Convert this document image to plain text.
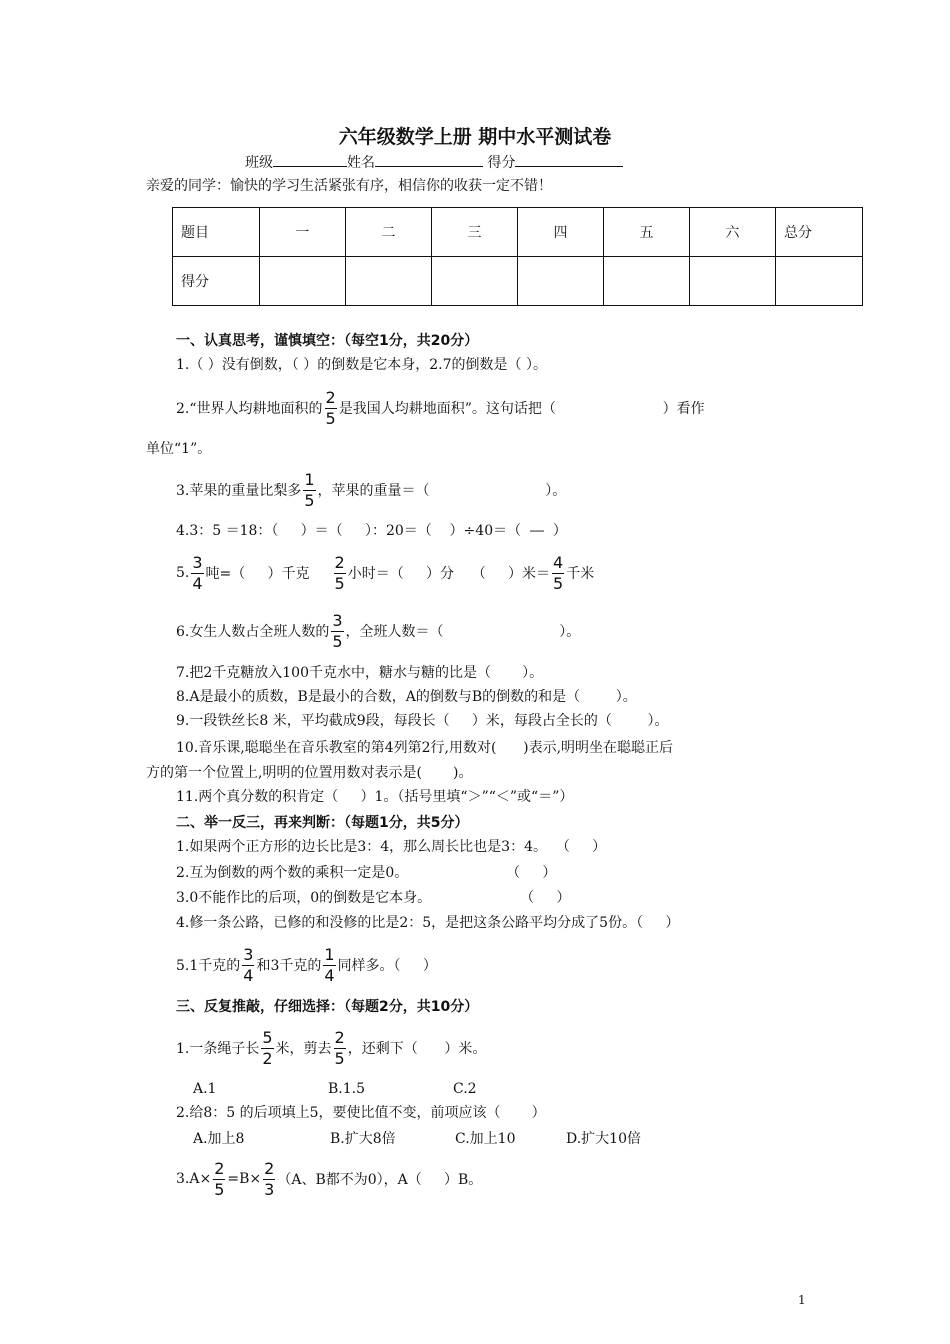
六年级数学上册 期中水平测试卷
班级	姓名	得分
亲爱的同学：愉快的学习生活紧张有序，相信你的收获一定不错！
题目	一	二	三	四	五	六	总分
得分							
一、认真思考，谨慎填空：（每空1分，共20分）
1.（ ）没有倒数，（ ）的倒数是它本身，2.7的倒数是（ ）。
2.“世界人均耕地面积的 $\frac{2}{5}$ 是我国人均耕地面积”。这句话把（                        ）看作
单位“1”。
3.苹果的重量比梨多 $\frac{1}{5}$ ，苹果的重量＝（                          ）。
4.3：5 ＝18：（     ）＝（     ）：20＝（    ）÷40＝（  ―  ）
5. $\frac{3}{4}$ 吨=（     ）千克 $\frac{2}{5}$ 小时＝（     ）分    （     ）米＝ $\frac{4}{5}$ 千米
6.女生人数占全班人数的 $\frac{3}{5}$ ，全班人数＝（                          ）。
7.把2千克糖放入100千克水中，糖水与糖的比是（       ）。
8.A是最小的质数，B是最小的合数，A的倒数与B的倒数的和是（        ）。
9.一段铁丝长8 米，平均截成9段，每段长（     ）米，每段占全长的（        ）。
10.音乐课,聪聪坐在音乐教室的第4列第2行,用数对(      )表示,明明坐在聪聪正后
方的第一个位置上,明明的位置用数对表示是(       )。
11.两个真分数的积肯定（     ）1。（括号里填“＞”“＜”或“＝”）
二、举一反三，再来判断：（每题1分，共5分）
1.如果两个正方形的边长比是3：4，那么周长比也是3：4。  （     ）
2.互为倒数的两个数的乘积一定是0。                      （     ）
3.0不能作比的后项，0的倒数是它本身。                    （     ）
4.修一条公路，已修的和没修的比是2：5，是把这条公路平均分成了5份。（     ）
5.1千克的 $\frac{3}{4}$ 和3千克的 $\frac{1}{4}$ 同样多。（     ）
三、反复推敲，仔细选择：（每题2分，共10分）
1.一条绳子长 $\frac{5}{2}$ 米，剪去 $\frac{2}{5}$ ，还剩下（      ）米。
A.1	B.1.5	C.2
2.给8：5 的后项填上5，要使比值不变，前项应该（       ）
A.加上8	B.扩大8倍	C.加上10	D.扩大10倍
$3.A\times \frac{2}{5} =B\times \frac{2}{3} (A$、B都不为0），A（     ）B。
1
